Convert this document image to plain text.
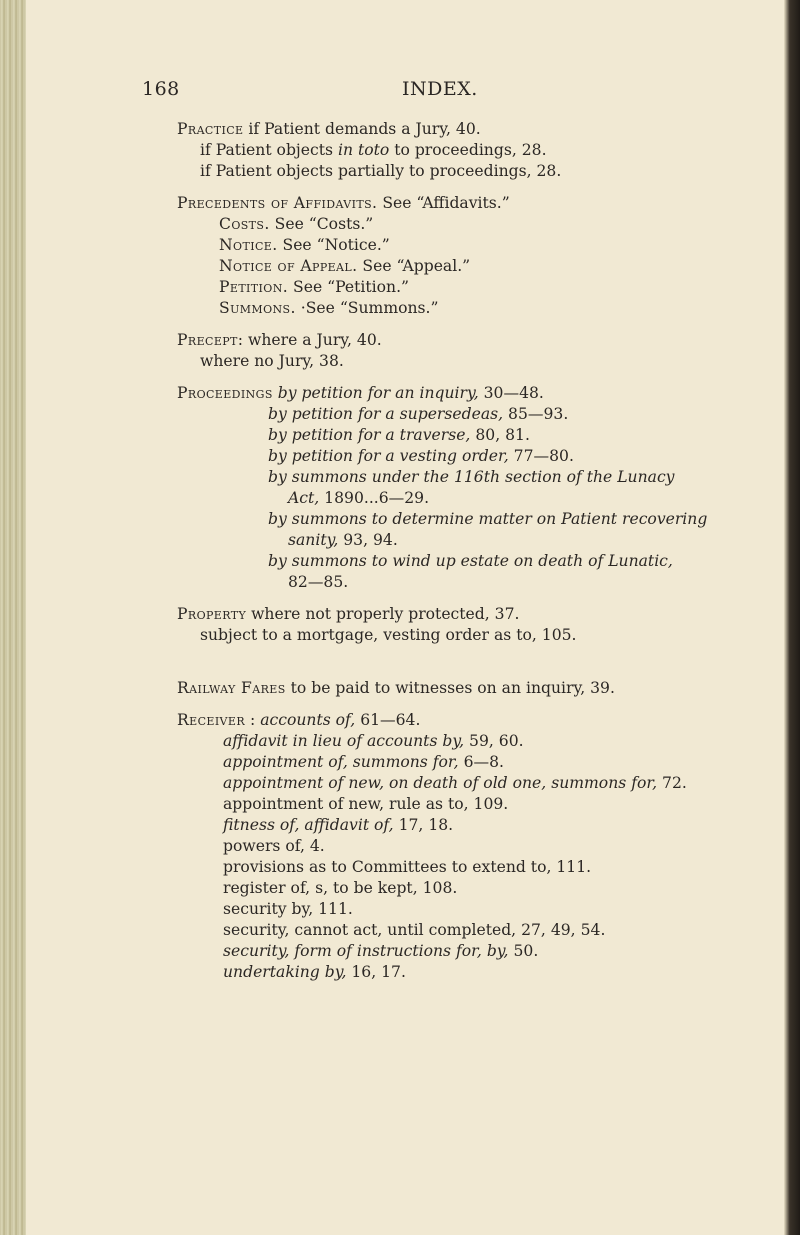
168	INDEX.
Practice if Patient demands a Jury, 40.
if Patient objects in toto to proceedings, 28.
if Patient objects partially to proceedings, 28.
Precedents of Affidavits. See “Affidavits.”
Costs. See “Costs.”
Notice. See “Notice.”
Notice of Appeal. See “Appeal.”
Petition. See “Petition.”
Summons. ·See “Summons.”
Precept: where a Jury, 40.
where no Jury, 38.
Proceedings by petition for an inquiry, 30—48.
by petition for a supersedeas, 85—93.
by petition for a traverse, 80, 81.
by petition for a vesting order, 77—80.
by summons under the 116th section of the Lunacy
Act, 1890...6—29.
by summons to determine matter on Patient recovering
sanity, 93, 94.
by summons to wind up estate on death of Lunatic,
82—85.
Property where not properly protected, 37.
subject to a mortgage, vesting order as to, 105.
Railway Fares to be paid to witnesses on an inquiry, 39.
Receiver : accounts of, 61—64.
affidavit in lieu of accounts by, 59, 60.
appointment of, summons for, 6—8.
appointment of new, on death of old one, summons for, 72.
appointment of new, rule as to, 109.
fitness of, affidavit of, 17, 18.
powers of, 4.
provisions as to Committees to extend to, 111.
register of, s, to be kept, 108.
security by, 111.
security, cannot act, until completed, 27, 49, 54.
security, form of instructions for, by, 50.
undertaking by, 16, 17.
